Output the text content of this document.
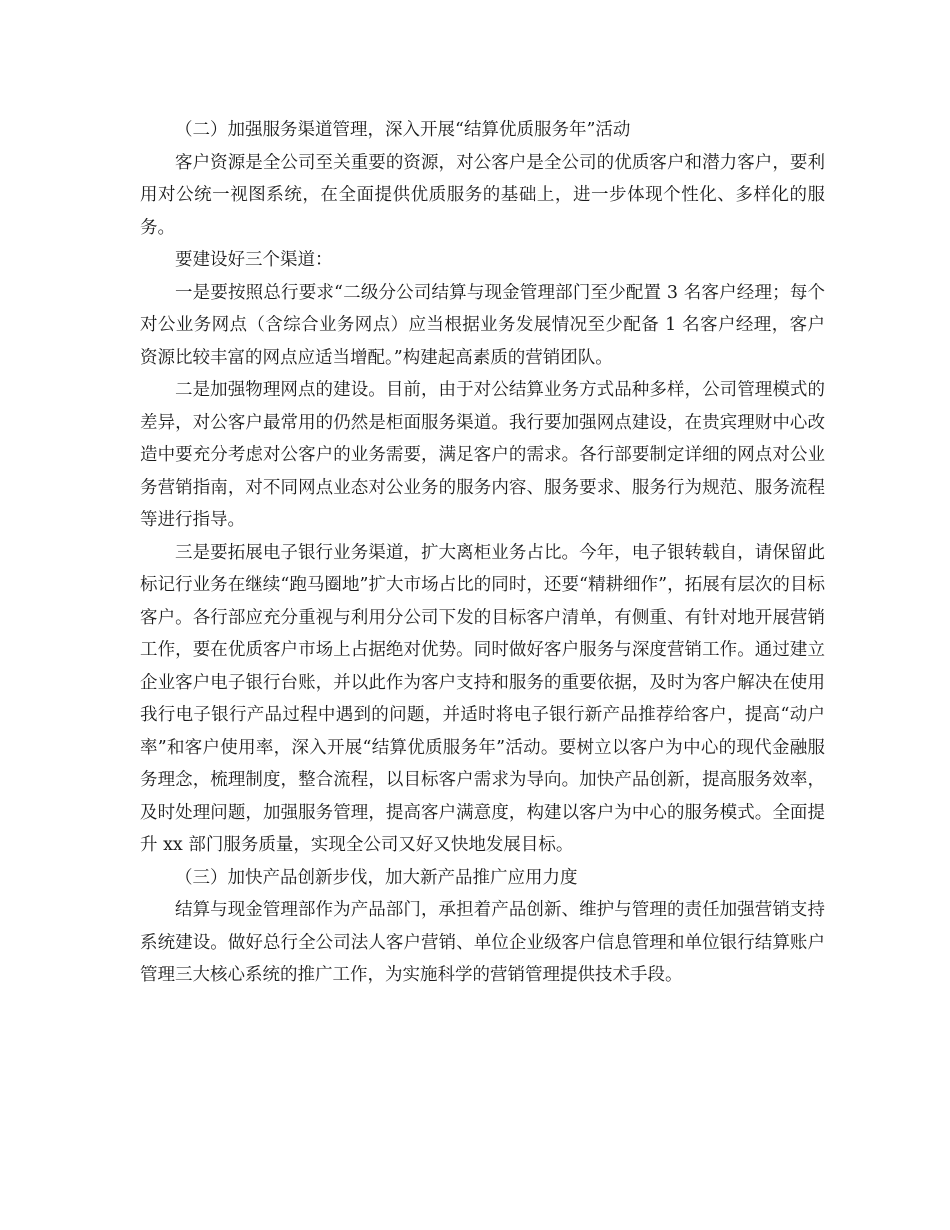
（二）加强服务渠道管理，深入开展“结算优质服务年”活动

客户资源是全公司至关重要的资源，对公客户是全公司的优质客户和潜力客户，要利用对公统一视图系统，在全面提供优质服务的基础上，进一步体现个性化、多样化的服务。

要建设好三个渠道：

一是要按照总行要求“二级分公司结算与现金管理部门至少配置 3 名客户经理；每个对公业务网点（含综合业务网点）应当根据业务发展情况至少配备 1 名客户经理，客户资源比较丰富的网点应适当增配。”构建起高素质的营销团队。

二是加强物理网点的建设。目前，由于对公结算业务方式品种多样，公司管理模式的差异，对公客户最常用的仍然是柜面服务渠道。我行要加强网点建设，在贵宾理财中心改造中要充分考虑对公客户的业务需要，满足客户的需求。各行部要制定详细的网点对公业务营销指南，对不同网点业态对公业务的服务内容、服务要求、服务行为规范、服务流程等进行指导。

三是要拓展电子银行业务渠道，扩大离柜业务占比。今年，电子银转载自，请保留此标记行业务在继续“跑马圈地”扩大市场占比的同时，还要“精耕细作”，拓展有层次的目标客户。各行部应充分重视与利用分公司下发的目标客户清单，有侧重、有针对地开展营销工作，要在优质客户市场上占据绝对优势。同时做好客户服务与深度营销工作。通过建立企业客户电子银行台账，并以此作为客户支持和服务的重要依据，及时为客户解决在使用我行电子银行产品过程中遇到的问题，并适时将电子银行新产品推荐给客户，提高“动户率”和客户使用率，深入开展“结算优质服务年”活动。要树立以客户为中心的现代金融服务理念，梳理制度，整合流程，以目标客户需求为导向。加快产品创新，提高服务效率，及时处理问题，加强服务管理，提高客户满意度，构建以客户为中心的服务模式。全面提升 xx 部门服务质量，实现全公司又好又快地发展目标。

（三）加快产品创新步伐，加大新产品推广应用力度

结算与现金管理部作为产品部门，承担着产品创新、维护与管理的责任加强营销支持系统建设。做好总行全公司法人客户营销、单位企业级客户信息管理和单位银行结算账户管理三大核心系统的推广工作，为实施科学的营销管理提供技术手段。
